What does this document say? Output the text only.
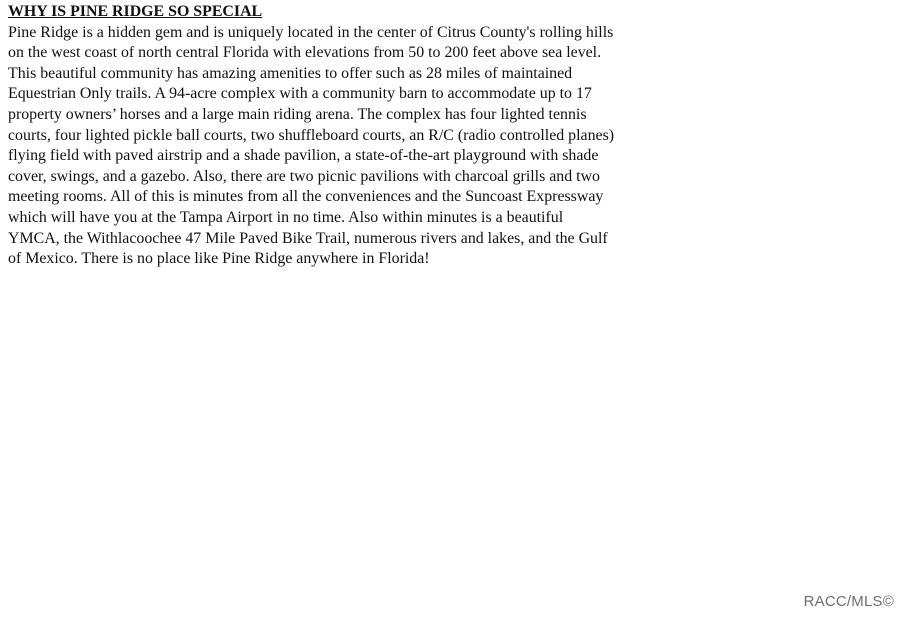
WHY IS PINE RIDGE SO SPECIAL

Pine Ridge is a hidden gem and is uniquely located in the center of Citrus County's rolling hills

on the west coast of north central Florida with elevations from 50 to 200 feet above sea level.

This beautiful community has amazing amenities to offer such as 28 miles of maintained

Equestrian Only trails. A 94-acre complex with a community barn to accommodate up to 17

property owners’ horses and a large main riding arena. The complex has four lighted tennis

courts, four lighted pickle ball courts, two shuffleboard courts, an R/C (radio controlled planes)

flying field with paved airstrip and a shade pavilion, a state-of-the-art playground with shade

cover, swings, and a gazebo. Also, there are two picnic pavilions with charcoal grills and two

meeting rooms. All of this is minutes from all the conveniences and the Suncoast Expressway

which will have you at the Tampa Airport in no time. Also within minutes is a beautiful

YMCA, the Withlacoochee 47 Mile Paved Bike Trail, numerous rivers and lakes, and the Gulf

of Mexico. There is no place like Pine Ridge anywhere in Florida!

RACC/MLS©
